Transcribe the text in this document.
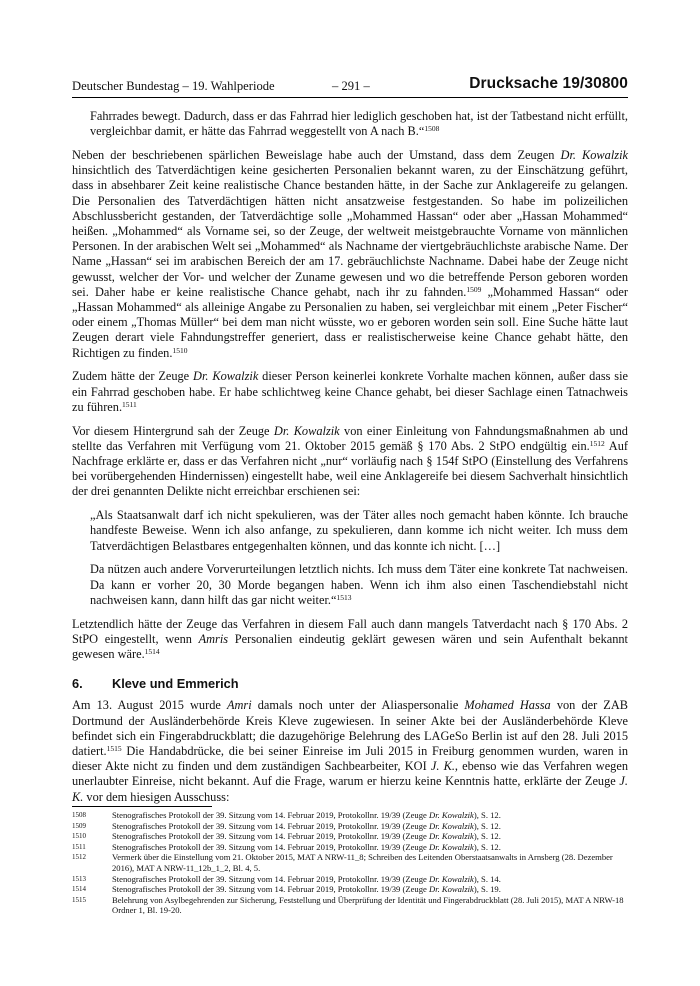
Deutscher Bundestag – 19. Wahlperiode	– 291 –	Drucksache 19/30800

Fahrrades bewegt. Dadurch, dass er das Fahrrad hier lediglich geschoben hat, ist der Tatbestand nicht erfüllt, vergleichbar damit, er hätte das Fahrrad weggestellt von A nach B.“$^{1508}$

Neben der beschriebenen spärlichen Beweislage habe auch der Umstand, dass dem Zeugen Dr. Kowalzik hinsichtlich des Tatverdächtigen keine gesicherten Personalien bekannt waren, zu der Einschätzung geführt, dass in absehbarer Zeit keine realistische Chance bestanden hätte, in der Sache zur Anklagereife zu gelangen. Die Personalien des Tatverdächtigen hätten nicht ansatzweise festgestanden. So habe im polizeilichen Abschlussbericht gestanden, der Tatverdächtige solle „Mohammed Hassan“ oder aber „Hassan Mohammed“ heißen. „Mohammed“ als Vorname sei, so der Zeuge, der weltweit meistgebrauchte Vorname von männlichen Personen. In der arabischen Welt sei „Mohammed“ als Nachname der viertgebräuchlichste arabische Name. Der Name „Hassan“ sei im arabischen Bereich der am 17. gebräuchlichste Nachname. Dabei habe der Zeuge nicht gewusst, welcher der Vor- und welcher der Zuname gewesen und wo die betreffende Person geboren worden sei. Daher habe er keine realistische Chance gehabt, nach ihr zu fahnden.$^{1509}$ „Mohammed Hassan“ oder „Hassan Mohammed“ als alleinige Angabe zu Personalien zu haben, sei vergleichbar mit einem „Peter Fischer“ oder einem „Thomas Müller“ bei dem man nicht wüsste, wo er geboren worden sein soll. Eine Suche hätte laut Zeugen derart viele Fahndungstreffer generiert, dass er realistischerweise keine Chance gehabt hätte, den Richtigen zu finden.$^{1510}$

Zudem hätte der Zeuge Dr. Kowalzik dieser Person keinerlei konkrete Vorhalte machen können, außer dass sie ein Fahrrad geschoben habe. Er habe schlichtweg keine Chance gehabt, bei dieser Sachlage einen Tatnachweis zu führen.$^{1511}$

Vor diesem Hintergrund sah der Zeuge Dr. Kowalzik von einer Einleitung von Fahndungsmaßnahmen ab und stellte das Verfahren mit Verfügung vom 21. Oktober 2015 gemäß § 170 Abs. 2 StPO endgültig ein.$^{1512}$ Auf Nachfrage erklärte er, dass er das Verfahren nicht „nur“ vorläufig nach § 154f StPO (Einstellung des Verfahrens bei vorübergehenden Hindernissen) eingestellt habe, weil eine Anklagereife bei diesem Sachverhalt hinsichtlich der drei genannten Delikte nicht erreichbar erschienen sei:

„Als Staatsanwalt darf ich nicht spekulieren, was der Täter alles noch gemacht haben könnte. Ich brauche handfeste Beweise. Wenn ich also anfange, zu spekulieren, dann komme ich nicht weiter. Ich muss dem Tatverdächtigen Belastbares entgegenhalten können, und das konnte ich nicht. […]

Da nützen auch andere Vorverurteilungen letztlich nichts. Ich muss dem Täter eine konkrete Tat nachweisen. Da kann er vorher 20, 30 Morde begangen haben. Wenn ich ihm also einen Taschendiebstahl nicht nachweisen kann, dann hilft das gar nicht weiter.“$^{1513}$

Letztendlich hätte der Zeuge das Verfahren in diesem Fall auch dann mangels Tatverdacht nach § 170 Abs. 2 StPO eingestellt, wenn Amris Personalien eindeutig geklärt gewesen wären und sein Aufenthalt bekannt gewesen wäre.$^{1514}$

6. Kleve und Emmerich

Am 13. August 2015 wurde Amri damals noch unter der Aliaspersonalie Mohamed Hassa von der ZAB Dortmund der Ausländerbehörde Kreis Kleve zugewiesen. In seiner Akte bei der Ausländerbehörde Kleve befindet sich ein Fingerabdruckblatt; die dazugehörige Belehrung des LAGeSo Berlin ist auf den 28. Juli 2015 datiert.$^{1515}$ Die Handabdrücke, die bei seiner Einreise im Juli 2015 in Freiburg genommen wurden, waren in dieser Akte nicht zu finden und dem zuständigen Sachbearbeiter, KOI J. K., ebenso wie das Verfahren wegen unerlaubter Einreise, nicht bekannt. Auf die Frage, warum er hierzu keine Kenntnis hatte, erklärte der Zeuge J. K. vor dem hiesigen Ausschuss:

1508	Stenografisches Protokoll der 39. Sitzung vom 14. Februar 2019, Protokollnr. 19/39 (Zeuge Dr. Kowalzik), S. 12.
1509	Stenografisches Protokoll der 39. Sitzung vom 14. Februar 2019, Protokollnr. 19/39 (Zeuge Dr. Kowalzik), S. 12.
1510	Stenografisches Protokoll der 39. Sitzung vom 14. Februar 2019, Protokollnr. 19/39 (Zeuge Dr. Kowalzik), S. 12.
1511	Stenografisches Protokoll der 39. Sitzung vom 14. Februar 2019, Protokollnr. 19/39 (Zeuge Dr. Kowalzik), S. 12.
1512	Vermerk über die Einstellung vom 21. Oktober 2015, MAT A NRW-11_8; Schreiben des Leitenden Oberstaatsanwalts in Arnsberg (28. Dezember 2016), MAT A NRW-11_12b_1_2, Bl. 4, 5.
1513	Stenografisches Protokoll der 39. Sitzung vom 14. Februar 2019, Protokollnr. 19/39 (Zeuge Dr. Kowalzik), S. 14.
1514	Stenografisches Protokoll der 39. Sitzung vom 14. Februar 2019, Protokollnr. 19/39 (Zeuge Dr. Kowalzik), S. 19.
1515	Belehrung von Asylbegehrenden zur Sicherung, Feststellung und Überprüfung der Identität und Fingerabdruckblatt (28. Juli 2015), MAT A NRW-18 Ordner 1, Bl. 19-20.
